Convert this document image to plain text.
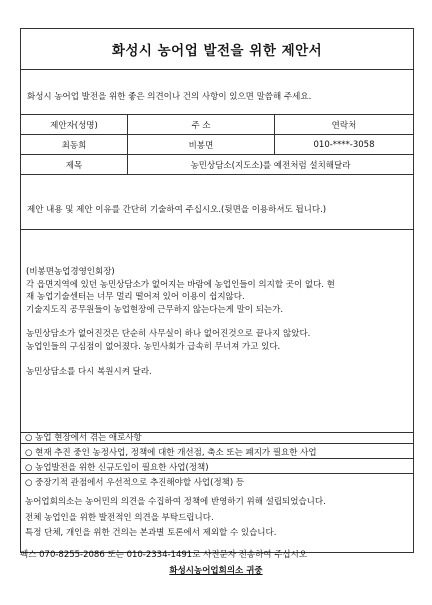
화성시 농어업 발전을 위한 제안서
화성시 농어업 발전을 위한 좋은 의견이나 건의 사항이 있으면 말씀해 주세요.
제안자(성명)	주 소	연락처
최동희	비봉면	010-****-3058
제목	농민상담소(지도소)를 예전처럼 설치해달라
제안 내용 및 제안 이유를 간단히 기술하여 주십시오.(뒷면을 이용하셔도 됩니다.)

(비봉면농업경영인회장)

각 읍면지역에 있던 농민상담소가 없어지는 바람에 농업인들이 의지할 곳이 없다. 현

재 농업기술센터는 너무 멀리 떨어져 있어 이용이 쉽지않다.

기술지도직 공무원들이 농업현장에 근무하지 않는다는게 말이 되는가.

농민상담소가 없어진것은 단순히 사무실이 하나 없어진것으로 끝나지 않았다.

농업인들의 구심점이 없어졌다. 농민사회가 급속히 무너져 가고 있다.

농민상담소를 다시 복원시켜 달라.

○ 농업 현장에서 겪는 애로사항
○ 현재 추진 중인 농정사업, 정책에 대한 개선점, 축소 또는 폐지가 필요한 사업
○ 농업발전을 위한 신규도입이 필요한 사업(정책)
○ 중장기적 관점에서 우선적으로 추진해야할 사업(정책) 등
농어업회의소는 농어민의 의견을 수집하여 정책에 반영하기 위해 설립되었습니다.
전체 농업인을 위한 발전적인 의견을 부탁드립니다.
특정 단체, 개인을 위한 건의는 본과별 토론에서 제외할 수 있습니다.
팩스 070-8255-2086 또는 010-2334-1491로 사진문자 전송하여 주십시오
화성시농어업회의소 귀중
